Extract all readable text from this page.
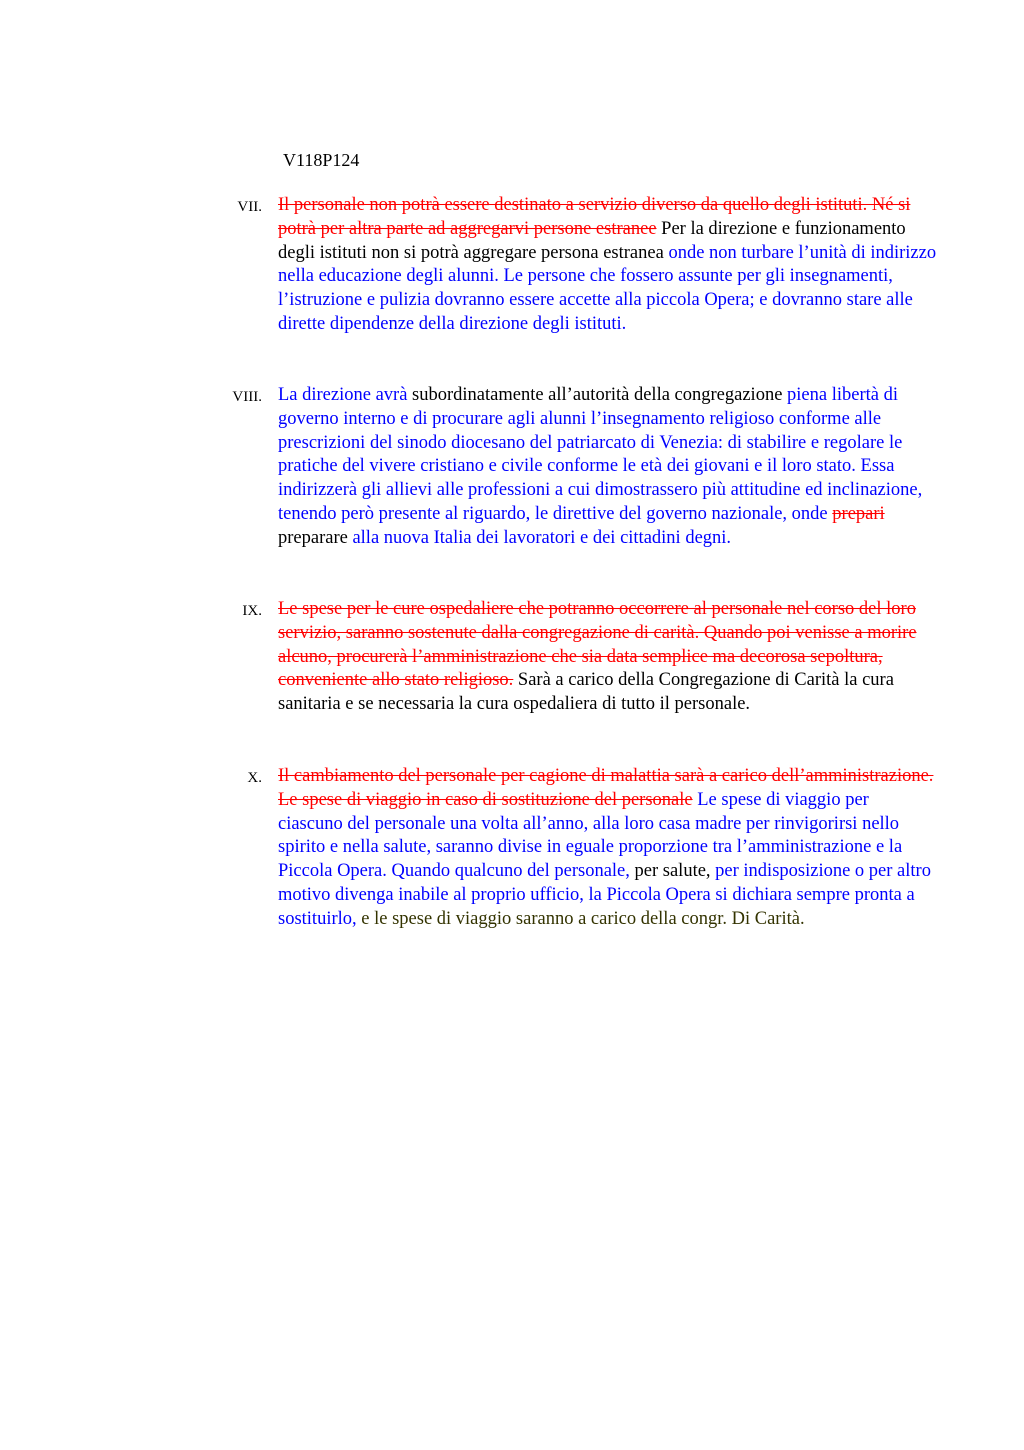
V118P124
VII. Il personale non potrà essere destinato a servizio diverso da quello degli istituti. Né si potrà per altra parte ad aggregarvi persone estranee Per la direzione e funzionamento degli istituti non si potrà aggregare persona estranea onde non turbare l’unità di indirizzo nella educazione degli alunni. Le persone che fossero assunte per gli insegnamenti, l’istruzione e pulizia dovranno essere accette alla piccola Opera; e dovranno stare alle dirette dipendenze della direzione degli istituti.
VIII. La direzione avrà subordinatamente all’autorità della congregazione piena libertà di governo interno e di procurare agli alunni l’insegnamento religioso conforme alle prescrizioni del sinodo diocesano del patriarcato di Venezia: di stabilire e regolare le pratiche del vivere cristiano e civile conforme le età dei giovani e il loro stato. Essa indirizzerà gli allievi alle professioni a cui dimostrassero più attitudine ed inclinazione, tenendo però presente al riguardo, le direttive del governo nazionale, onde prepari preparare alla nuova Italia dei lavoratori e dei cittadini degni.
IX. Le spese per le cure ospedaliere che potranno occorrere al personale nel corso del loro servizio, saranno sostenute dalla congregazione di carità. Quando poi venisse a morire alcuno, procurerà l’amministrazione che sia data semplice ma decorosa sepoltura, conveniente allo stato religioso. Sarà a carico della Congregazione di Carità la cura sanitaria e se necessaria la cura ospedaliera di tutto il personale.
X. Il cambiamento del personale per cagione di malattia sarà a carico dell’amministrazione. Le spese di viaggio in caso di sostituzione del personale Le spese di viaggio per ciascuno del personale una volta all’anno, alla loro casa madre per rinvigorirsi nello spirito e nella salute, saranno divise in eguale proporzione tra l’amministrazione e la Piccola Opera. Quando qualcuno del personale, per salute, per indisposizione o per altro motivo divenga inabile al proprio ufficio, la Piccola Opera si dichiara sempre pronta a sostituirlo, e le spese di viaggio saranno a carico della congr. Di Carità.
